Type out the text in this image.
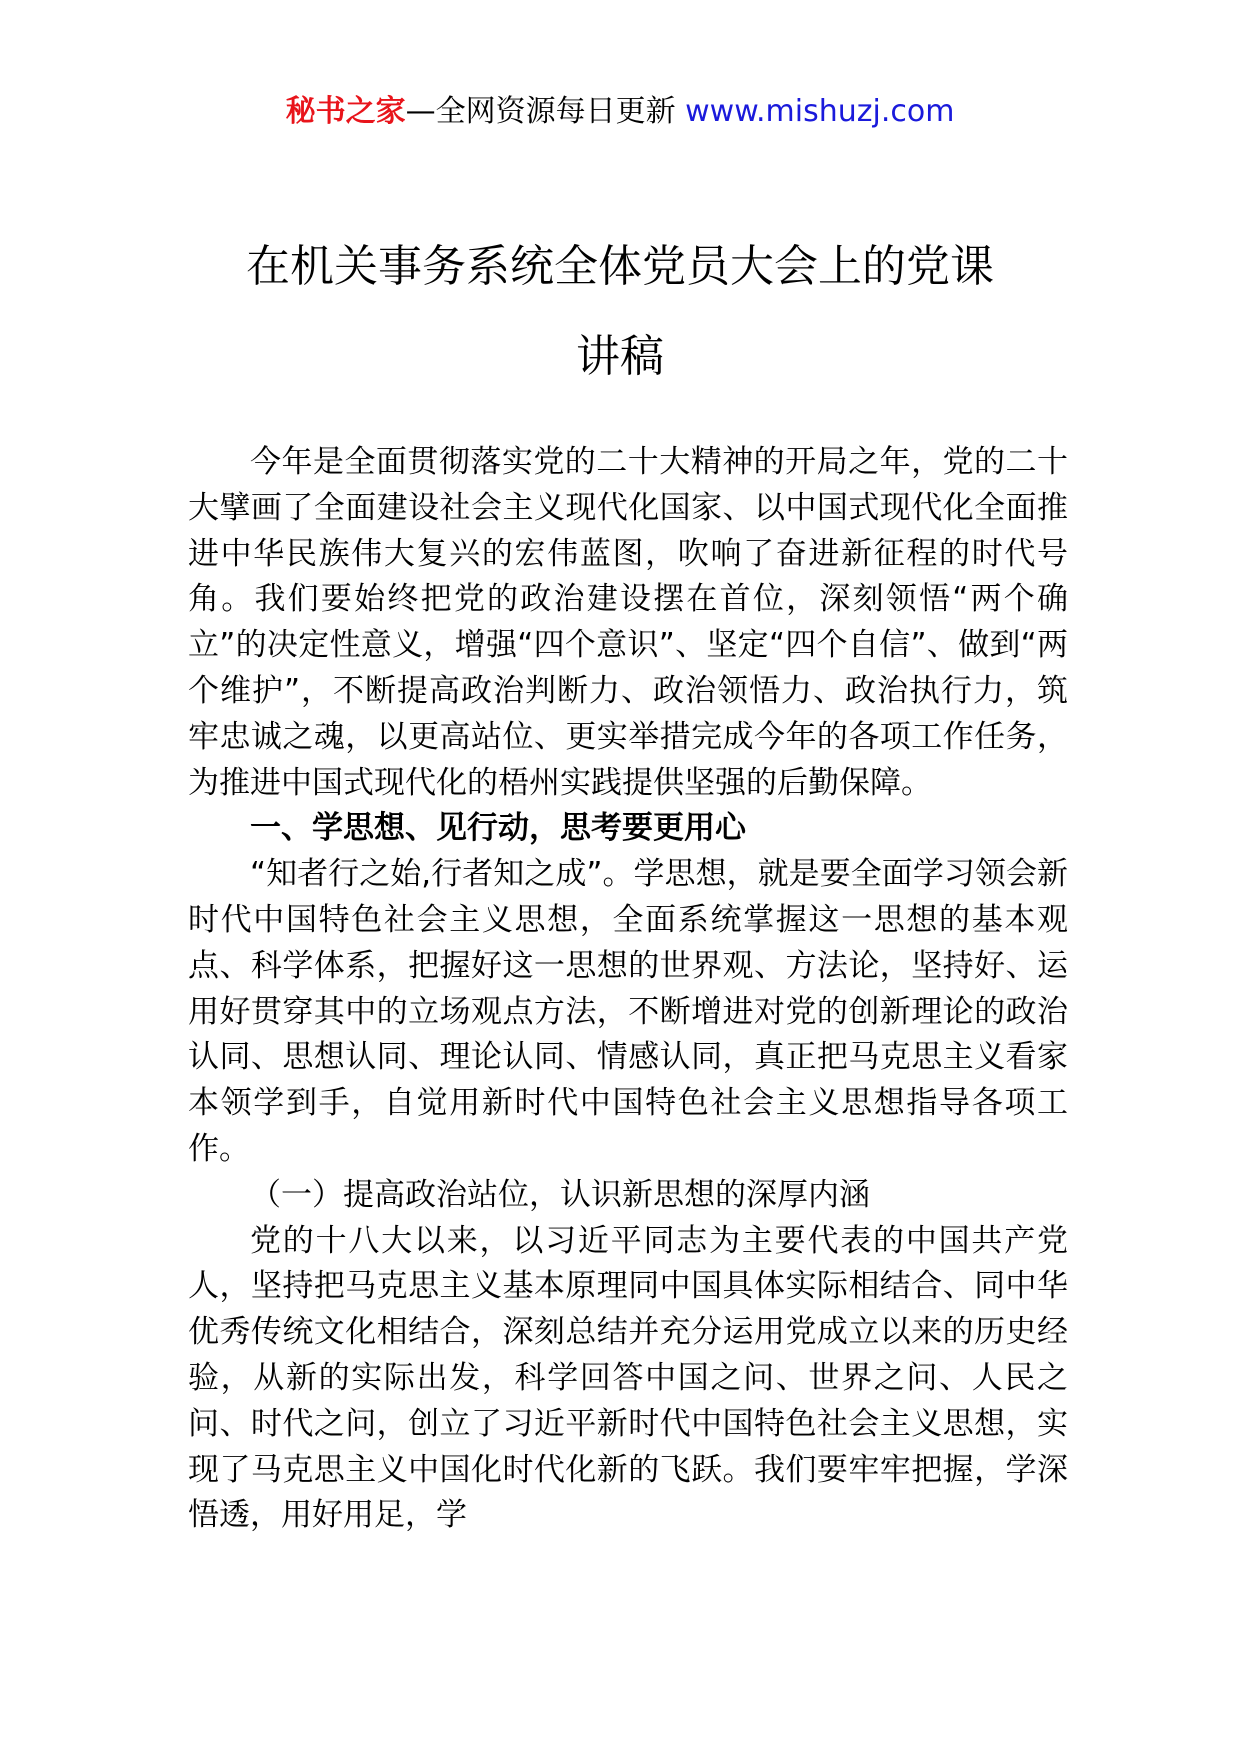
秘书之家—全网资源每日更新 www.mishuzj.com
在机关事务系统全体党员大会上的党课
讲稿

今年是全面贯彻落实党的二十大精神的开局之年，党的二十大擘画了全面建设社会主义现代化国家、以中国式现代化全面推进中华民族伟大复兴的宏伟蓝图，吹响了奋进新征程的时代号角。我们要始终把党的政治建设摆在首位，深刻领悟“两个确立”的决定性意义，增强“四个意识”、坚定“四个自信”、做到“两个维护”，不断提高政治判断力、政治领悟力、政治执行力，筑牢忠诚之魂，以更高站位、更实举措完成今年的各项工作任务，为推进中国式现代化的梧州实践提供坚强的后勤保障。

一、学思想、见行动，思考要更用心

“知者行之始,行者知之成”。学思想，就是要全面学习领会新时代中国特色社会主义思想，全面系统掌握这一思想的基本观点、科学体系，把握好这一思想的世界观、方法论，坚持好、运用好贯穿其中的立场观点方法，不断增进对党的创新理论的政治认同、思想认同、理论认同、情感认同，真正把马克思主义看家本领学到手，自觉用新时代中国特色社会主义思想指导各项工作。

（一）提高政治站位，认识新思想的深厚内涵

党的十八大以来，以习近平同志为主要代表的中国共产党人，坚持把马克思主义基本原理同中国具体实际相结合、同中华优秀传统文化相结合，深刻总结并充分运用党成立以来的历史经验，从新的实际出发，科学回答中国之问、世界之问、人民之问、时代之问，创立了习近平新时代中国特色社会主义思想，实现了马克思主义中国化时代化新的飞跃。我们要牢牢把握，学深悟透，用好用足，学
